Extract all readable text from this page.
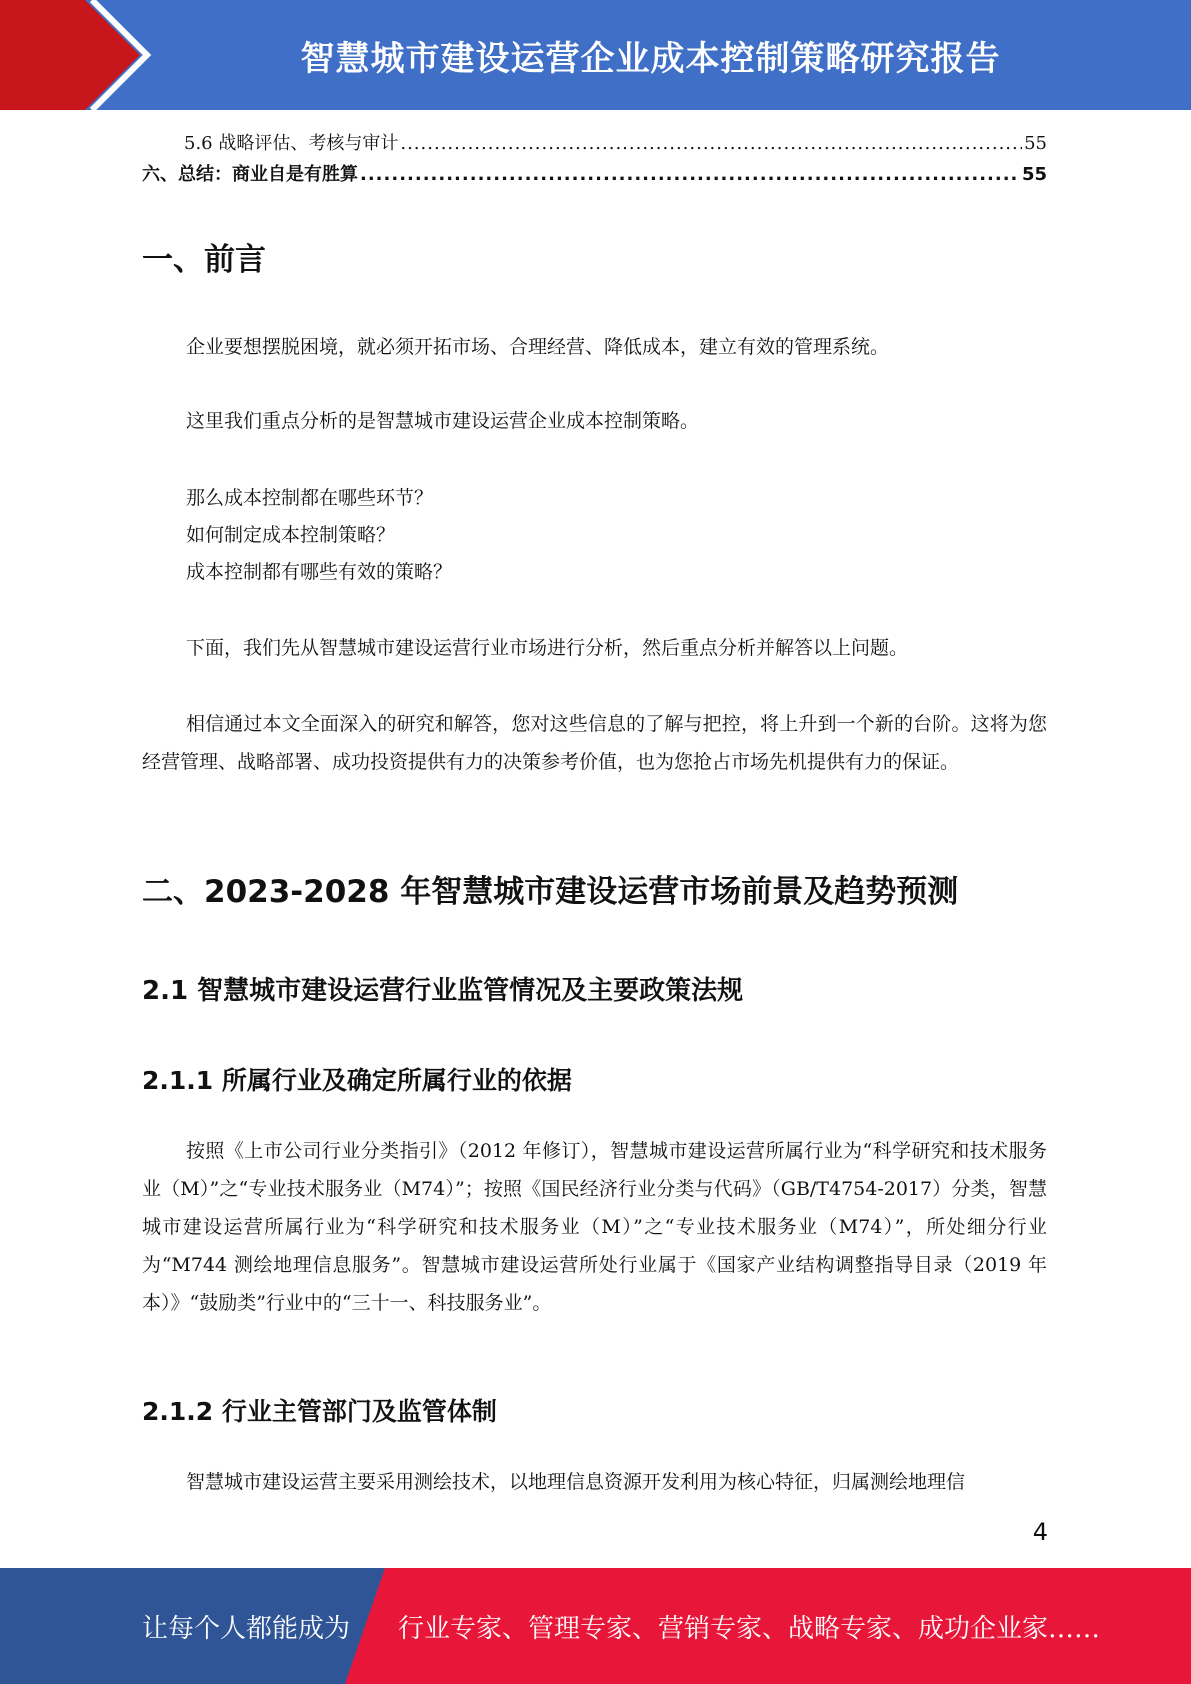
智慧城市建设运营企业成本控制策略研究报告
5.6 战略评估、考核与审计 .....	55
六、总结：商业自是有胜算 .....	55
一、前言

企业要想摆脱困境，就必须开拓市场、合理经营、降低成本，建立有效的管理系统。

这里我们重点分析的是智慧城市建设运营企业成本控制策略。

那么成本控制都在哪些环节？

如何制定成本控制策略？

成本控制都有哪些有效的策略？

下面，我们先从智慧城市建设运营行业市场进行分析，然后重点分析并解答以上问题。

相信通过本文全面深入的研究和解答，您对这些信息的了解与把控，将上升到一个新的台阶。这将为您经营管理、战略部署、成功投资提供有力的决策参考价值，也为您抢占市场先机提供有力的保证。

二、2023-2028 年智慧城市建设运营市场前景及趋势预测
2.1 智慧城市建设运营行业监管情况及主要政策法规
2.1.1 所属行业及确定所属行业的依据

按照《上市公司行业分类指引》（2012 年修订），智慧城市建设运营所属行业为“科学研究和技术服务业（M）”之“专业技术服务业（M74）”；按照《国民经济行业分类与代码》（GB/T4754-2017）分类，智慧城市建设运营所属行业为“科学研究和技术服务业（M）”之“专业技术服务业（M74）”，所处细分行业为“M744 测绘地理信息服务”。智慧城市建设运营所处行业属于《国家产业结构调整指导目录（2019 年本）》“鼓励类”行业中的“三十一、科技服务业”。

2.1.2 行业主管部门及监管体制

智慧城市建设运营主要采用测绘技术，以地理信息资源开发利用为核心特征，归属测绘地理信

4
让每个人都能成为 行业专家、管理专家、营销专家、战略专家、成功企业家……
